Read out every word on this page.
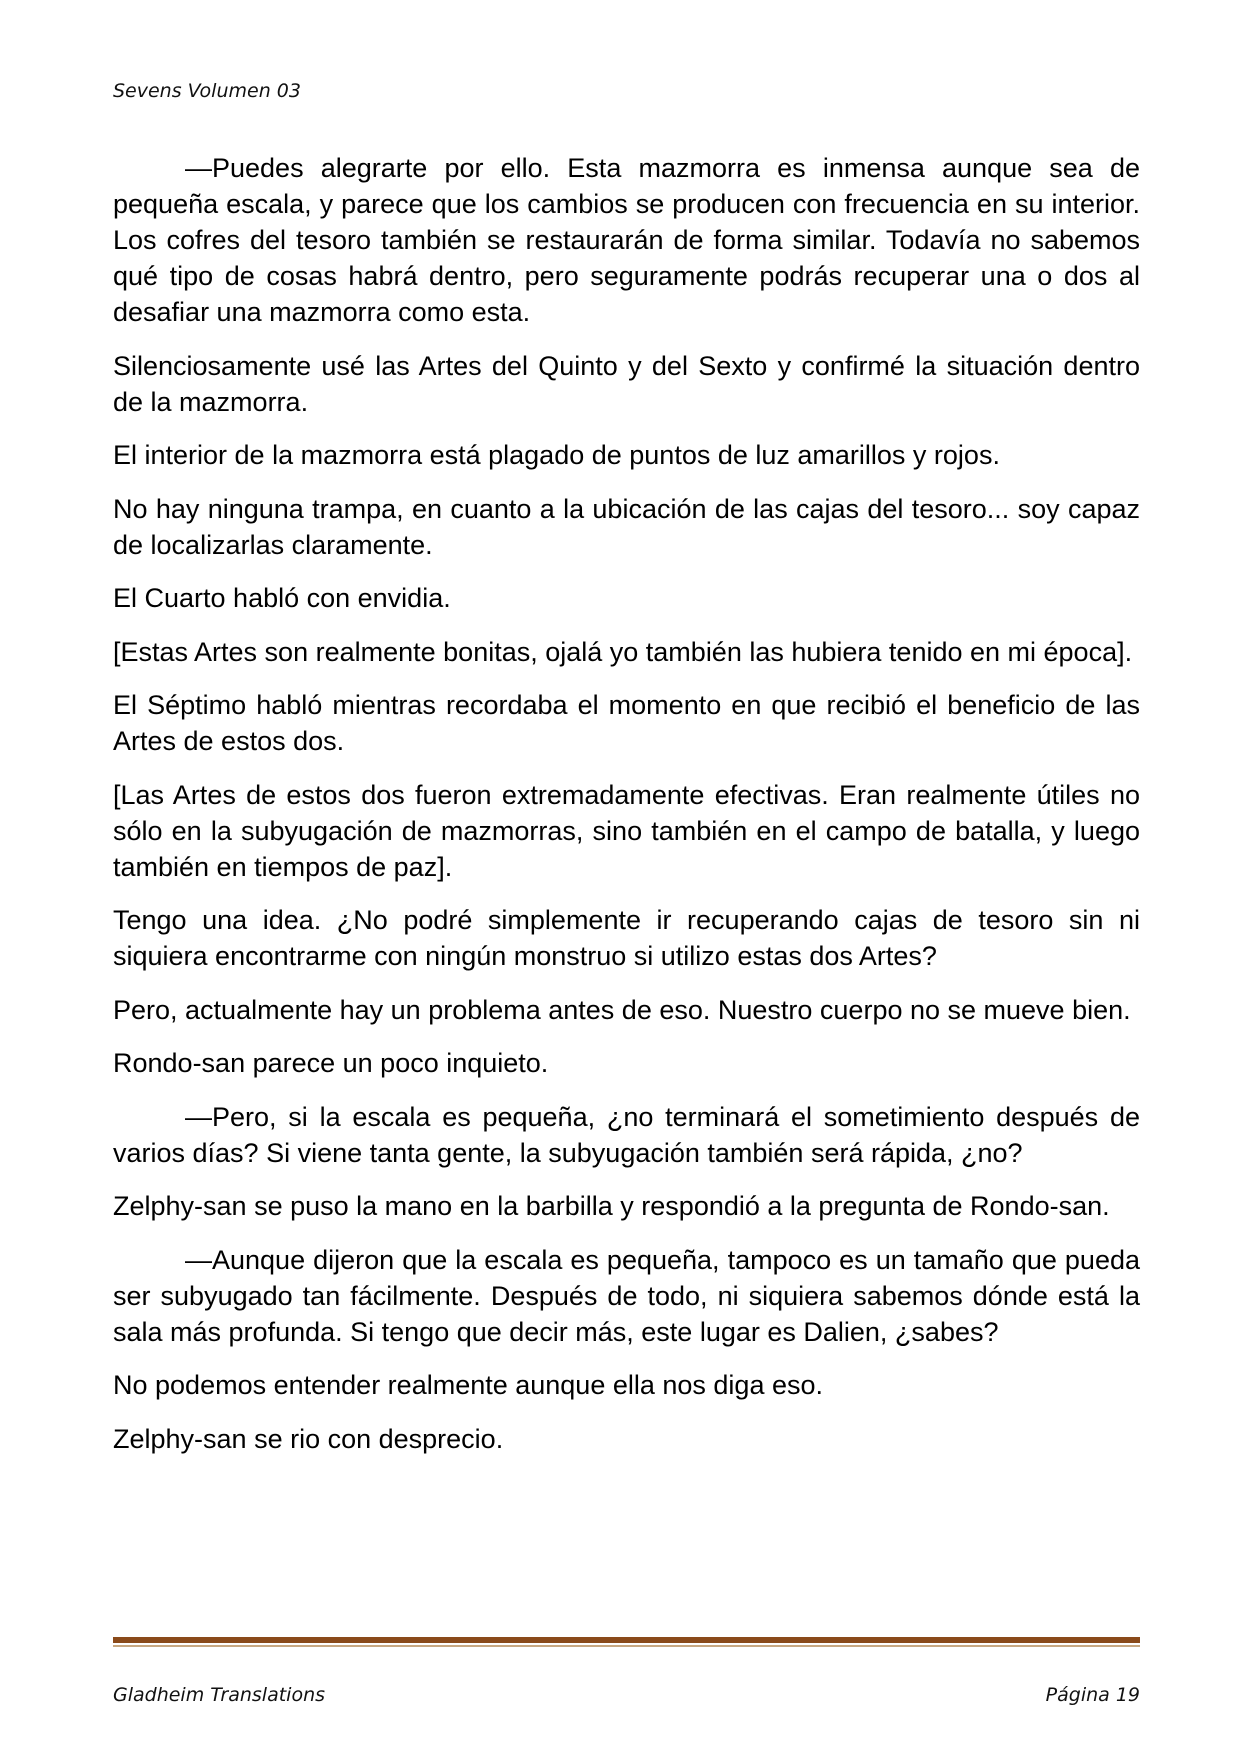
Sevens Volumen 03

—Puedes alegrarte por ello. Esta mazmorra es inmensa aunque sea de pequeña escala, y parece que los cambios se producen con frecuencia en su interior. Los cofres del tesoro también se restaurarán de forma similar. Todavía no sabemos qué tipo de cosas habrá dentro, pero seguramente podrás recuperar una o dos al desafiar una mazmorra como esta.

Silenciosamente usé las Artes del Quinto y del Sexto y confirmé la situación dentro de la mazmorra.

El interior de la mazmorra está plagado de puntos de luz amarillos y rojos.

No hay ninguna trampa, en cuanto a la ubicación de las cajas del tesoro... soy capaz de localizarlas claramente.

El Cuarto habló con envidia.

[Estas Artes son realmente bonitas, ojalá yo también las hubiera tenido en mi época].

El Séptimo habló mientras recordaba el momento en que recibió el beneficio de las Artes de estos dos.

[Las Artes de estos dos fueron extremadamente efectivas. Eran realmente útiles no sólo en la subyugación de mazmorras, sino también en el campo de batalla, y luego también en tiempos de paz].

Tengo una idea. ¿No podré simplemente ir recuperando cajas de tesoro sin ni siquiera encontrarme con ningún monstruo si utilizo estas dos Artes?

Pero, actualmente hay un problema antes de eso. Nuestro cuerpo no se mueve bien.

Rondo-san parece un poco inquieto.

—Pero, si la escala es pequeña, ¿no terminará el sometimiento después de varios días? Si viene tanta gente, la subyugación también será rápida, ¿no?

Zelphy-san se puso la mano en la barbilla y respondió a la pregunta de Rondo-san.

—Aunque dijeron que la escala es pequeña, tampoco es un tamaño que pueda ser subyugado tan fácilmente. Después de todo, ni siquiera sabemos dónde está la sala más profunda. Si tengo que decir más, este lugar es Dalien, ¿sabes?

No podemos entender realmente aunque ella nos diga eso.

Zelphy-san se rio con desprecio.

Gladheim Translations	Página 19
